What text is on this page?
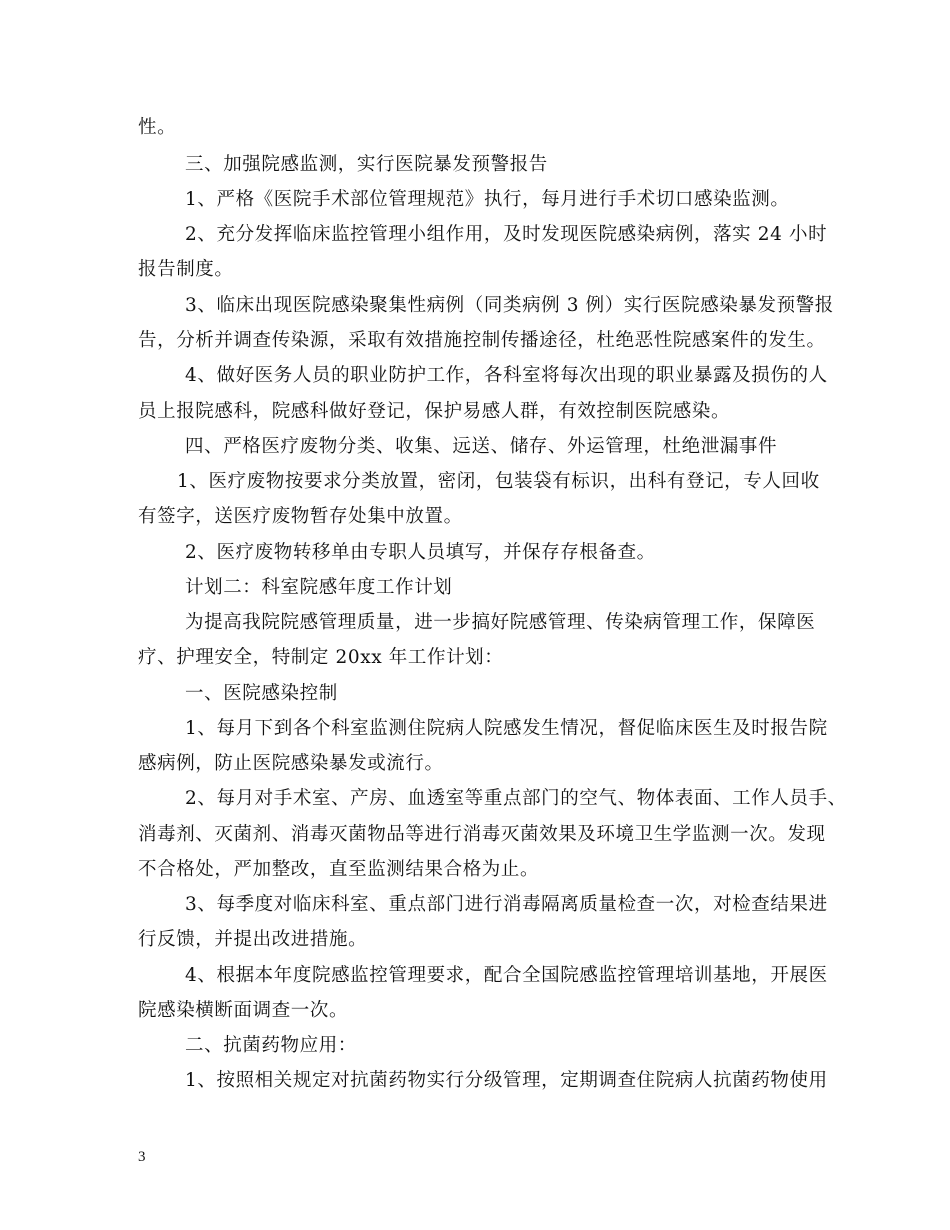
性。
三、加强院感监测，实行医院暴发预警报告
1、严格《医院手术部位管理规范》执行，每月进行手术切口感染监测。
2、充分发挥临床监控管理小组作用，及时发现医院感染病例，落实 24 小时
报告制度。
3、临床出现医院感染聚集性病例（同类病例 3 例）实行医院感染暴发预警报
告，分析并调查传染源，采取有效措施控制传播途径，杜绝恶性院感案件的发生。
4、做好医务人员的职业防护工作，各科室将每次出现的职业暴露及损伤的人
员上报院感科，院感科做好登记，保护易感人群，有效控制医院感染。
四、严格医疗废物分类、收集、远送、储存、外运管理，杜绝泄漏事件
1、医疗废物按要求分类放置，密闭，包装袋有标识，出科有登记，专人回收
有签字，送医疗废物暂存处集中放置。
2、医疗废物转移单由专职人员填写，并保存存根备查。
计划二：科室院感年度工作计划
为提高我院院感管理质量，进一步搞好院感管理、传染病管理工作，保障医
疗、护理安全，特制定 20xx 年工作计划：
一、医院感染控制
1、每月下到各个科室监测住院病人院感发生情况，督促临床医生及时报告院
感病例，防止医院感染暴发或流行。
2、每月对手术室、产房、血透室等重点部门的空气、物体表面、工作人员手、
消毒剂、灭菌剂、消毒灭菌物品等进行消毒灭菌效果及环境卫生学监测一次。发现
不合格处，严加整改，直至监测结果合格为止。
3、每季度对临床科室、重点部门进行消毒隔离质量检查一次，对检查结果进
行反馈，并提出改进措施。
4、根据本年度院感监控管理要求，配合全国院感监控管理培训基地，开展医
院感染横断面调查一次。
二、抗菌药物应用：
1、按照相关规定对抗菌药物实行分级管理，定期调查住院病人抗菌药物使用
3
